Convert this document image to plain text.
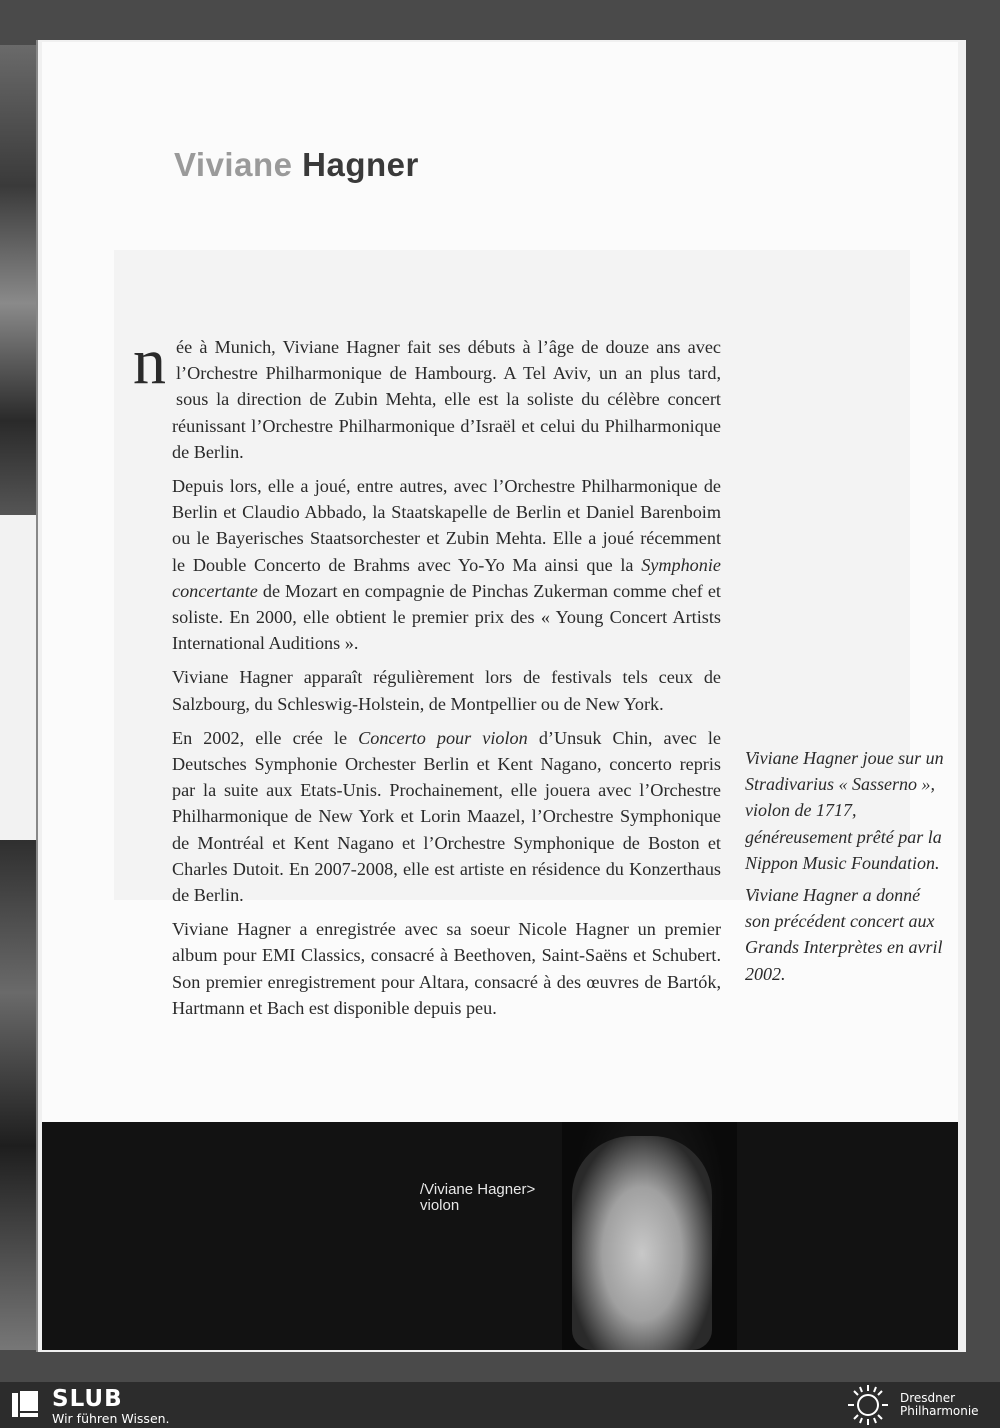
Viviane Hagner

n ée à Munich, Viviane Hagner fait ses débuts à l’âge de douze ans avec l’Orchestre Philharmonique de Hambourg. A Tel Aviv, un an plus tard, sous la direction de Zubin Mehta, elle est la soliste du célèbre concert réunissant l’Orchestre Philharmonique d’Israël et celui du Philharmonique de Berlin.

Depuis lors, elle a joué, entre autres, avec l’Orchestre Philharmonique de Berlin et Claudio Abbado, la Staatskapelle de Berlin et Daniel Barenboim ou le Bayerisches Staatsorchester et Zubin Mehta. Elle a joué récemment le Double Concerto de Brahms avec Yo-Yo Ma ainsi que la Symphonie concertante de Mozart en compagnie de Pinchas Zukerman comme chef et soliste. En 2000, elle obtient le premier prix des « Young Concert Artists International Auditions ».

Viviane Hagner apparaît régulièrement lors de festivals tels ceux de Salzbourg, du Schleswig-Holstein, de Montpellier ou de New York.

En 2002, elle crée le Concerto pour violon d’Unsuk Chin, avec le Deutsches Symphonie Orchester Berlin et Kent Nagano, concerto repris par la suite aux Etats-Unis. Prochainement, elle jouera avec l’Orchestre Philharmonique de New York et Lorin Maazel, l’Orchestre Symphonique de Montréal et Kent Nagano et l’Orchestre Symphonique de Boston et Charles Dutoit. En 2007-2008, elle est artiste en résidence du Konzerthaus de Berlin.

Viviane Hagner a enregistrée avec sa soeur Nicole Hagner un premier album pour EMI Classics, consacré à Beethoven, Saint-Saëns et Schubert. Son premier enregistrement pour Altara, consacré à des œuvres de Bartók, Hartmann et Bach est disponible depuis peu.

Viviane Hagner joue sur un Stradivarius « Sasserno », violon de 1717, généreusement prêté par la Nippon Music Foundation.

Viviane Hagner a donné son précédent concert aux Grands Interprètes en avril 2002.

/Viviane Hagner>
violon
SLUB
Wir führen Wissen.
Dresdner
Philharmonie
